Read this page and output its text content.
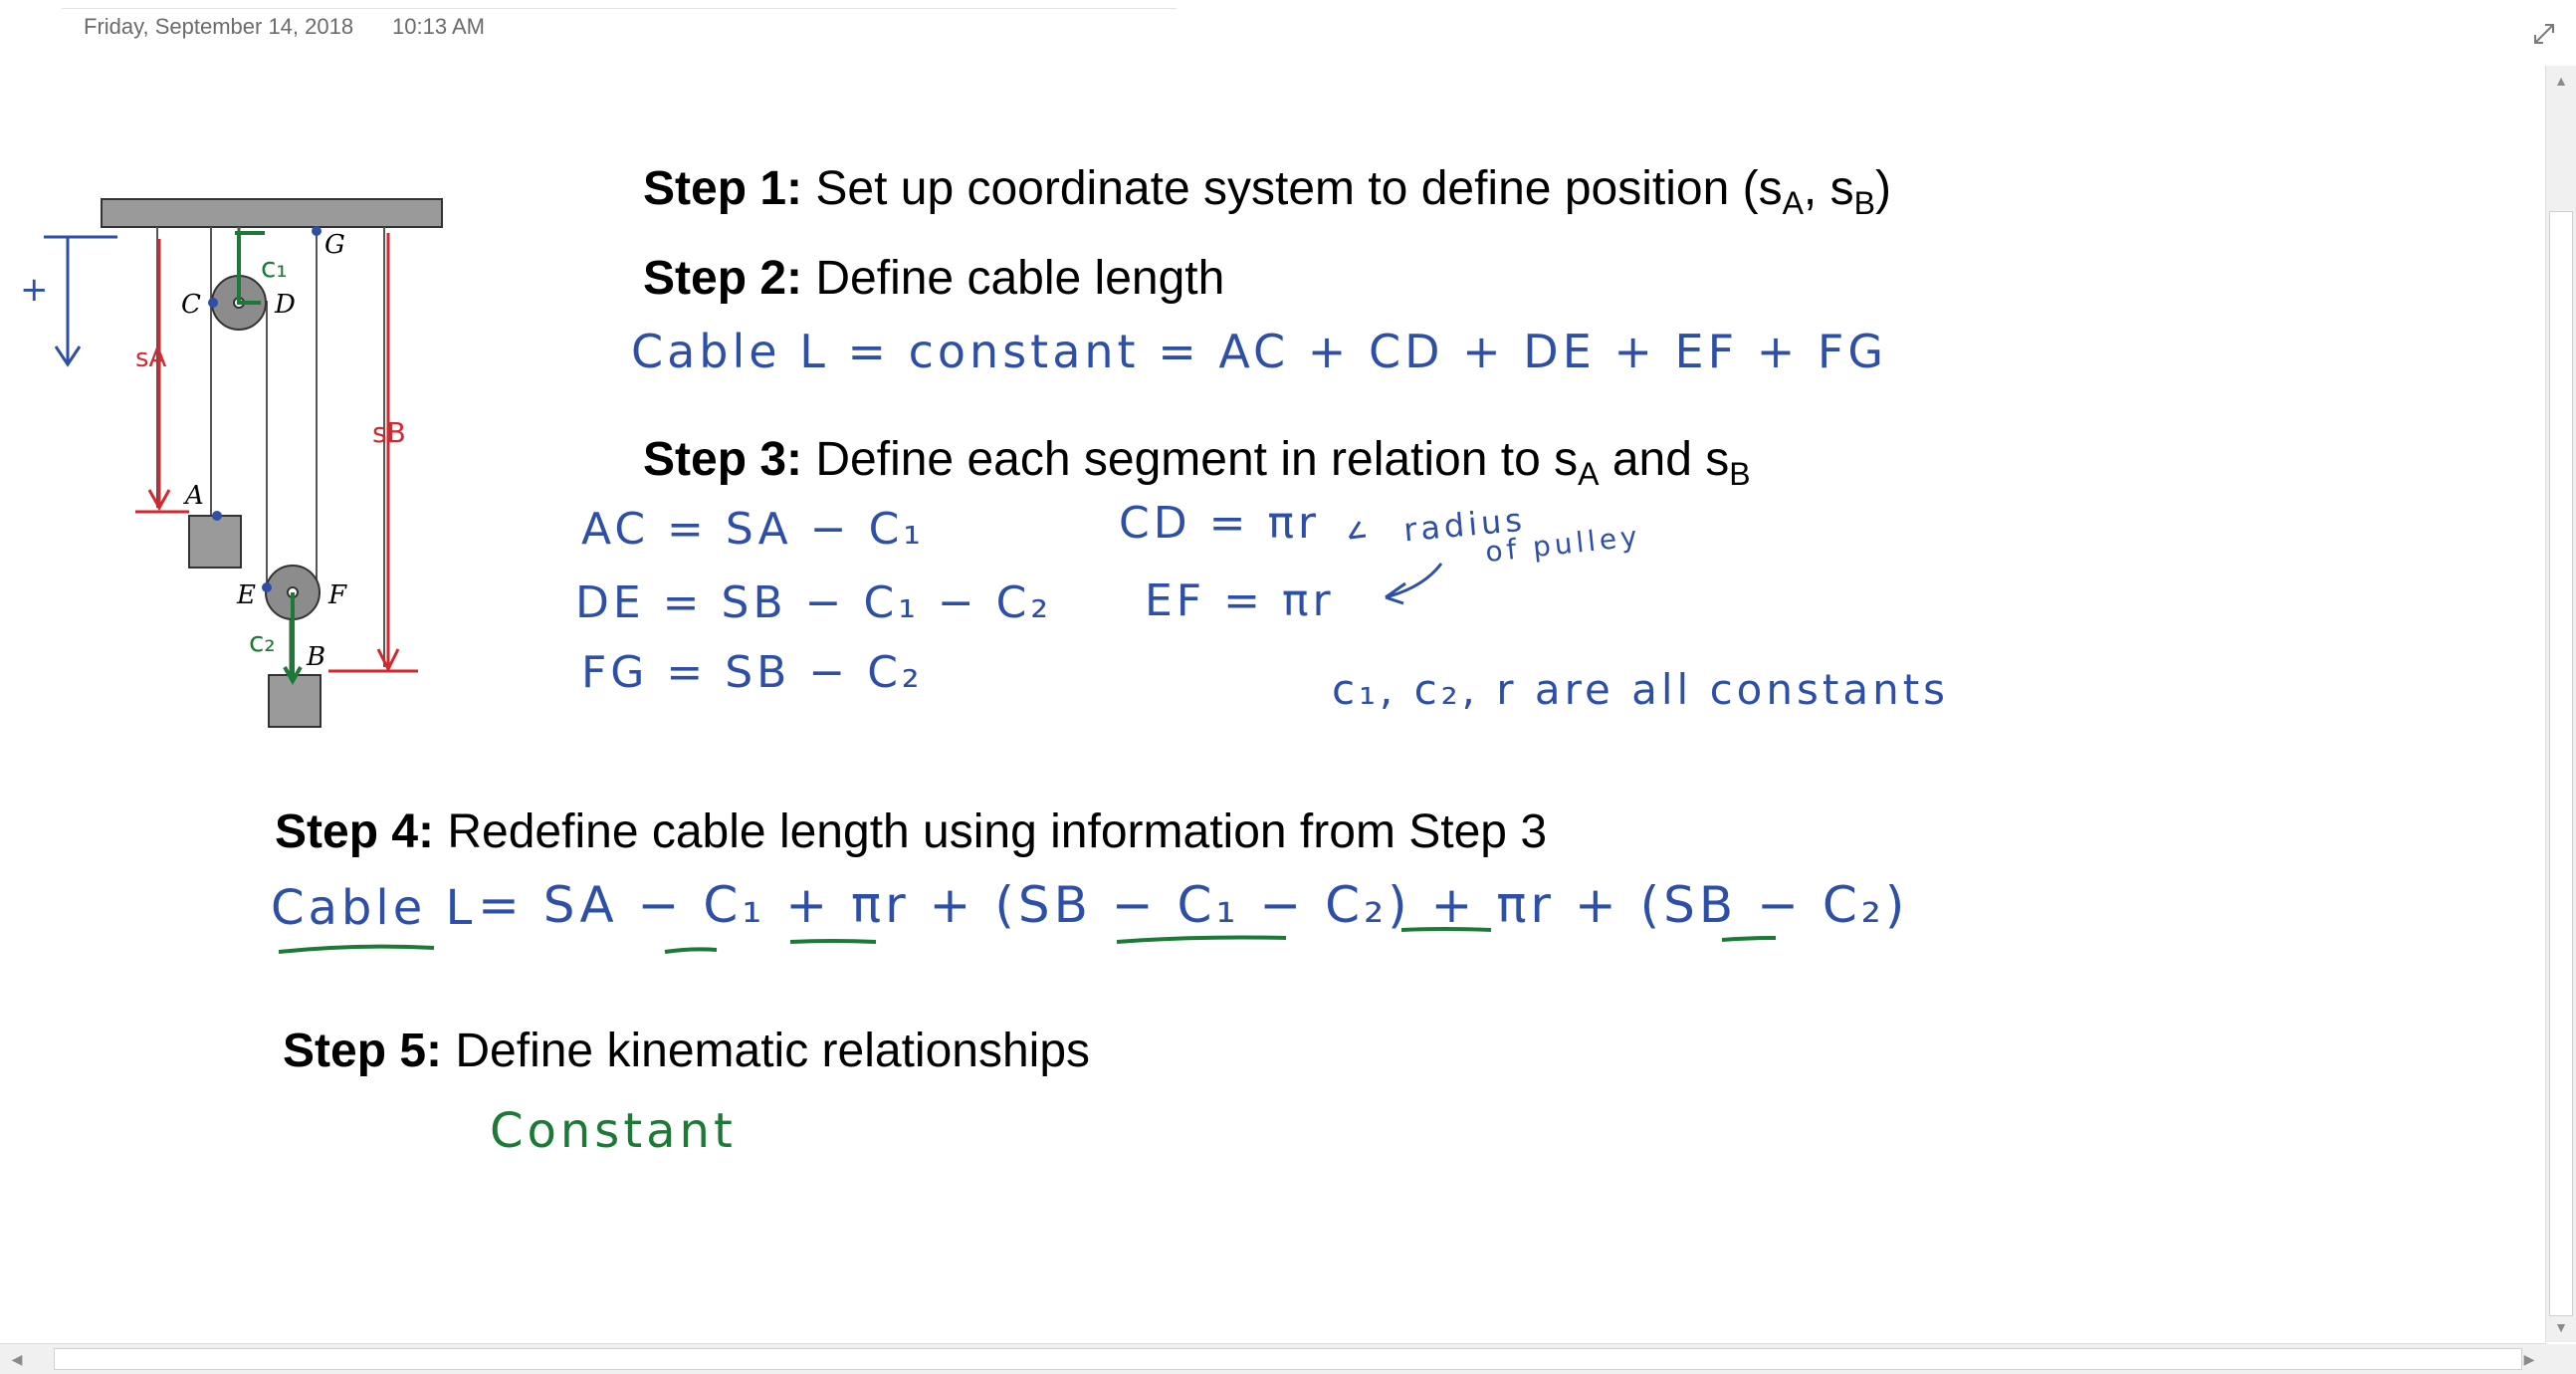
Friday, September 14, 2018 10:13 AM
C	D
G
A
E	F
B
+
c₁
c₂
sA
sB
Step 1: Set up coordinate system to define position ($s_A$, $s_B$)
Step 2: Define cable length
Step 3: Define each segment in relation to $s_A$ and $s_B$
Step 4: Redefine cable length using information from Step 3
Step 5: Define kinematic relationships
Cable L = constant = AC + CD + DE + EF + FG
AC = SA − C₁
DE = SB − C₁ − C₂
FG = SB − C₂
CD = πr
EF = πr
radius
of pulley
c₁, c₂, r are all constants
Cable L = SA − C₁ + πr + (SB − C₁ − C₂) + πr + (SB − C₂)
Constant
▲
▼
◀	▶
